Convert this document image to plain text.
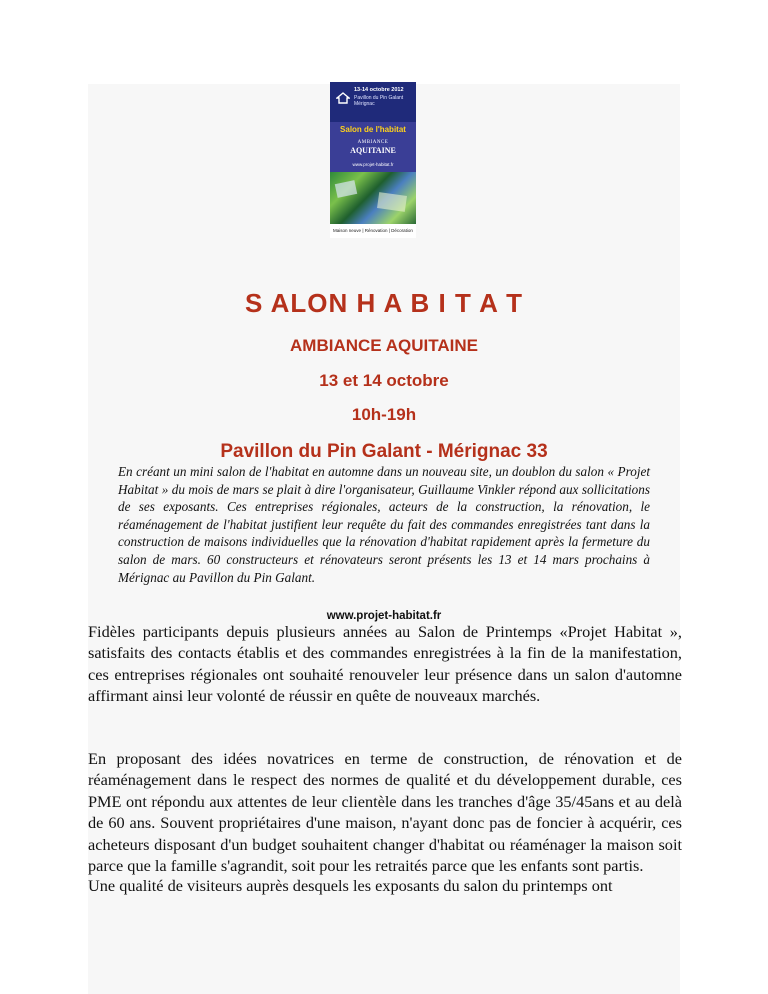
13-14 octobre 2012
Pavillon du Pin Galant Mérignac
Salon de l'habitat
AMBIANCE
AQUITAINE
www.projet-habitat.fr
Maison neuve | Rénovation | Décoration
S ALON H A B I T A T
AMBIANCE AQUITAINE
13 et 14 octobre
10h-19h
Pavillon du Pin Galant - Mérignac 33
En créant un mini salon de l'habitat en automne dans un nouveau site, un doublon du salon « Projet Habitat » du mois de mars se plait à dire l'organisateur, Guillaume Vinkler répond aux sollicitations de ses exposants. Ces entreprises régionales, acteurs de la construction, la rénovation, le réaménagement de l'habitat justifient leur requête du fait des commandes enregistrées tant dans la construction de maisons individuelles que la rénovation d'habitat rapidement après la fermeture du salon de mars. 60 constructeurs et rénovateurs seront présents les 13 et 14 mars prochains à Mérignac au Pavillon du Pin Galant.
www.projet-habitat.fr
Fidèles participants depuis plusieurs années au Salon de Printemps «Projet Habitat », satisfaits des contacts établis et des commandes enregistrées à la fin de la manifestation, ces entreprises régionales ont souhaité renouveler leur présence dans un salon d'automne affirmant ainsi leur volonté de réussir en quête de nouveaux marchés.
En proposant des idées novatrices en terme de construction, de rénovation et de réaménagement dans le respect des normes de qualité et du développement durable, ces PME ont répondu aux attentes de leur clientèle dans les tranches d'âge 35/45ans et au delà de 60 ans. Souvent propriétaires d'une maison, n'ayant donc pas de foncier à acquérir, ces acheteurs disposant d'un budget souhaitent changer d'habitat ou réaménager la maison soit parce que la famille s'agrandit, soit pour les retraités parce que les enfants sont partis.
Une qualité de visiteurs auprès desquels les exposants du salon du printemps ont
